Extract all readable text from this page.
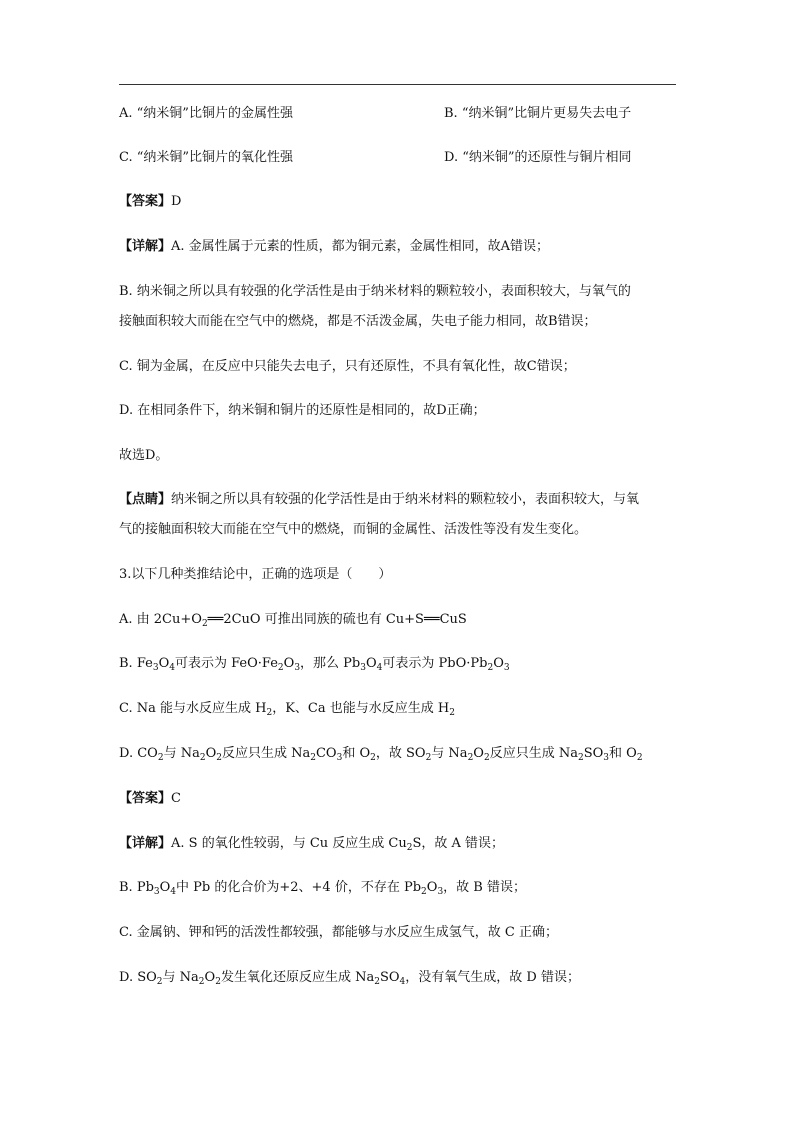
A. “纳米铜”比铜片的金属性强	B. “纳米铜”比铜片更易失去电子
C. “纳米铜”比铜片的氧化性强	D. “纳米铜”的还原性与铜片相同
【答案】D
【详解】A. 金属性属于元素的性质，都为铜元素，金属性相同，故A错误；
B. 纳米铜之所以具有较强的化学活性是由于纳米材料的颗粒较小，表面积较大，与氧气的
接触面积较大而能在空气中的燃烧，都是不活泼金属，失电子能力相同，故B错误；
C. 铜为金属，在反应中只能失去电子，只有还原性，不具有氧化性，故C错误；
D. 在相同条件下，纳米铜和铜片的还原性是相同的，故D正确；
故选D。
【点睛】纳米铜之所以具有较强的化学活性是由于纳米材料的颗粒较小，表面积较大，与氧
气的接触面积较大而能在空气中的燃烧，而铜的金属性、活泼性等没有发生变化。
3.以下几种类推结论中，正确的选项是（　　）
A. 由 $2Cu+O_2══2CuO$ 可推出同族的硫也有 Cu+S══CuS
B. $Fe_3O_4$可表示为 $FeO\cdot Fe_2O_3$，那么 $Pb_3O_4$可表示为 $PbO\cdot Pb_2O_3$
C. Na 能与水反应生成 $H_2$，K、Ca 也能与水反应生成 $H_2$
D. $CO_2$与 $Na_2O_2$反应只生成 $Na_2CO_3$和 $O_2$，故 $SO_2$与 $Na_2O_2$反应只生成 $Na_2SO_3$和 $O_2$
【答案】C
【详解】A. S 的氧化性较弱，与 Cu 反应生成 $Cu_2S$，故 A 错误；
B. $Pb_3O_4$中 Pb 的化合价为+2、+4 价，不存在 $Pb_2O_3$，故 B 错误；
C. 金属钠、钾和钙的活泼性都较强，都能够与水反应生成氢气，故 C 正确；
D. $SO_2$与 $Na_2O_2$发生氧化还原反应生成 $Na_2SO_4$，没有氧气生成，故 D 错误；
